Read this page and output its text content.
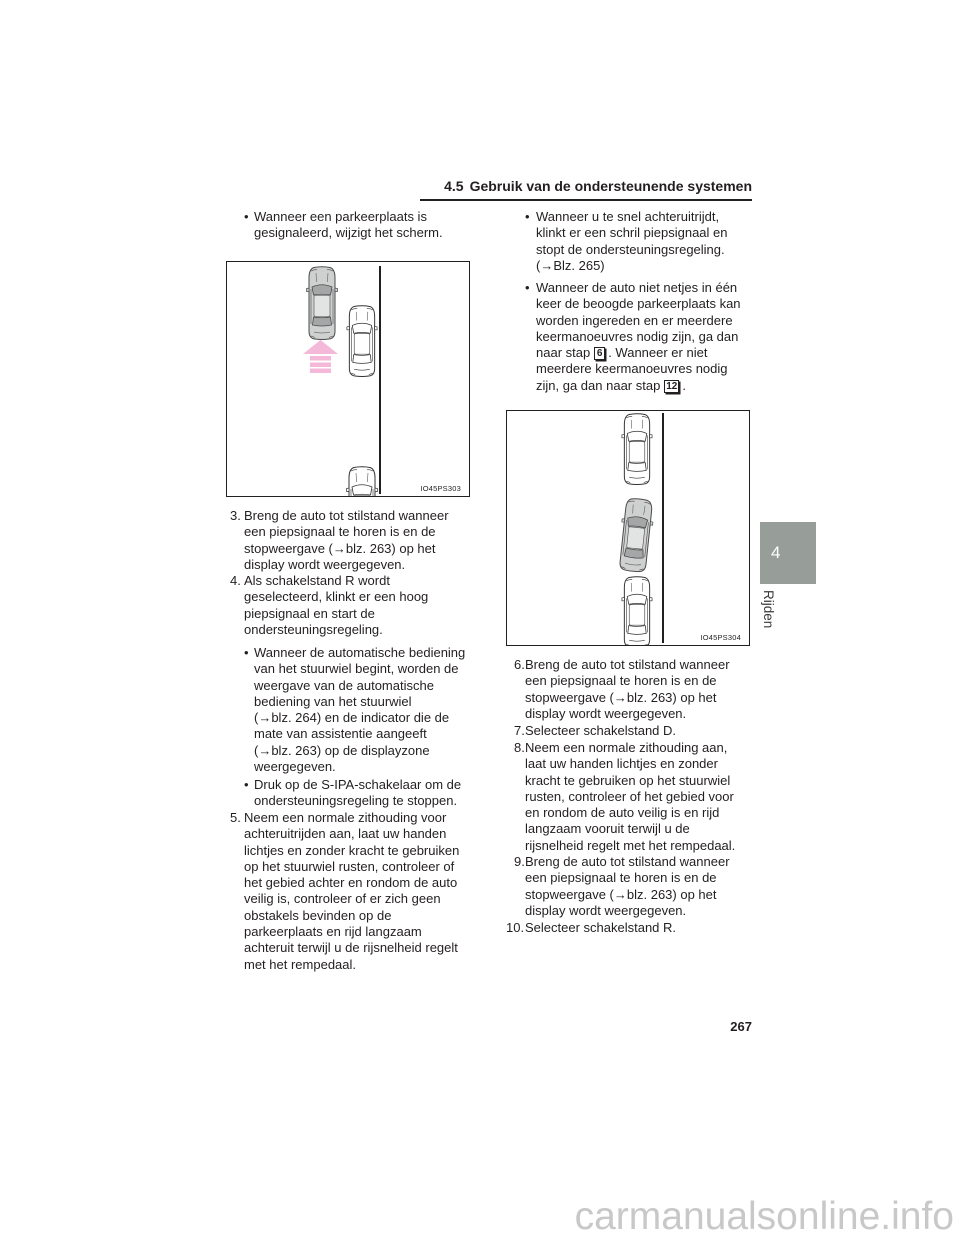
4.5 Gebruik van de ondersteunende systemen
4
Rijden
• Wanneer een parkeerplaats is
gesignaleerd, wijzigt het scherm.
IO45PS303
3. Breng de auto tot stilstand wanneer
een piepsignaal te horen is en de
stopweergave (→blz. 263) op het
display wordt weergegeven.
4. Als schakelstand R wordt
geselecteerd, klinkt er een hoog
piepsignaal en start de
ondersteuningsregeling.
• Wanneer de automatische bediening
van het stuurwiel begint, worden de
weergave van de automatische
bediening van het stuurwiel
(→blz. 264) en de indicator die de
mate van assistentie aangeeft
(→blz. 263) op de displayzone
weergegeven.
• Druk op de S-IPA-schakelaar om de
ondersteuningsregeling te stoppen.
5. Neem een normale zithouding voor
achteruitrijden aan, laat uw handen
lichtjes en zonder kracht te gebruiken
op het stuurwiel rusten, controleer of
het gebied achter en rondom de auto
veilig is, controleer of er zich geen
obstakels bevinden op de
parkeerplaats en rijd langzaam
achteruit terwijl u de rijsnelheid regelt
met het rempedaal.
• Wanneer u te snel achteruitrijdt,
klinkt er een schril piepsignaal en
stopt de ondersteuningsregeling.
(→Blz. 265)
• Wanneer de auto niet netjes in één
keer de beoogde parkeerplaats kan
worden ingereden en er meerdere
keermanoeuvres nodig zijn, ga dan
naar stap 6 . Wanneer er niet
meerdere keermanoeuvres nodig
zijn, ga dan naar stap 12 .
IO45PS304
6. Breng de auto tot stilstand wanneer
een piepsignaal te horen is en de
stopweergave (→blz. 263) op het
display wordt weergegeven.
7. Selecteer schakelstand D.
8. Neem een normale zithouding aan,
laat uw handen lichtjes en zonder
kracht te gebruiken op het stuurwiel
rusten, controleer of het gebied voor
en rondom de auto veilig is en rijd
langzaam vooruit terwijl u de
rijsnelheid regelt met het rempedaal.
9. Breng de auto tot stilstand wanneer
een piepsignaal te horen is en de
stopweergave (→blz. 263) op het
display wordt weergegeven.
10. Selecteer schakelstand R.
267
carmanualsonline.info
